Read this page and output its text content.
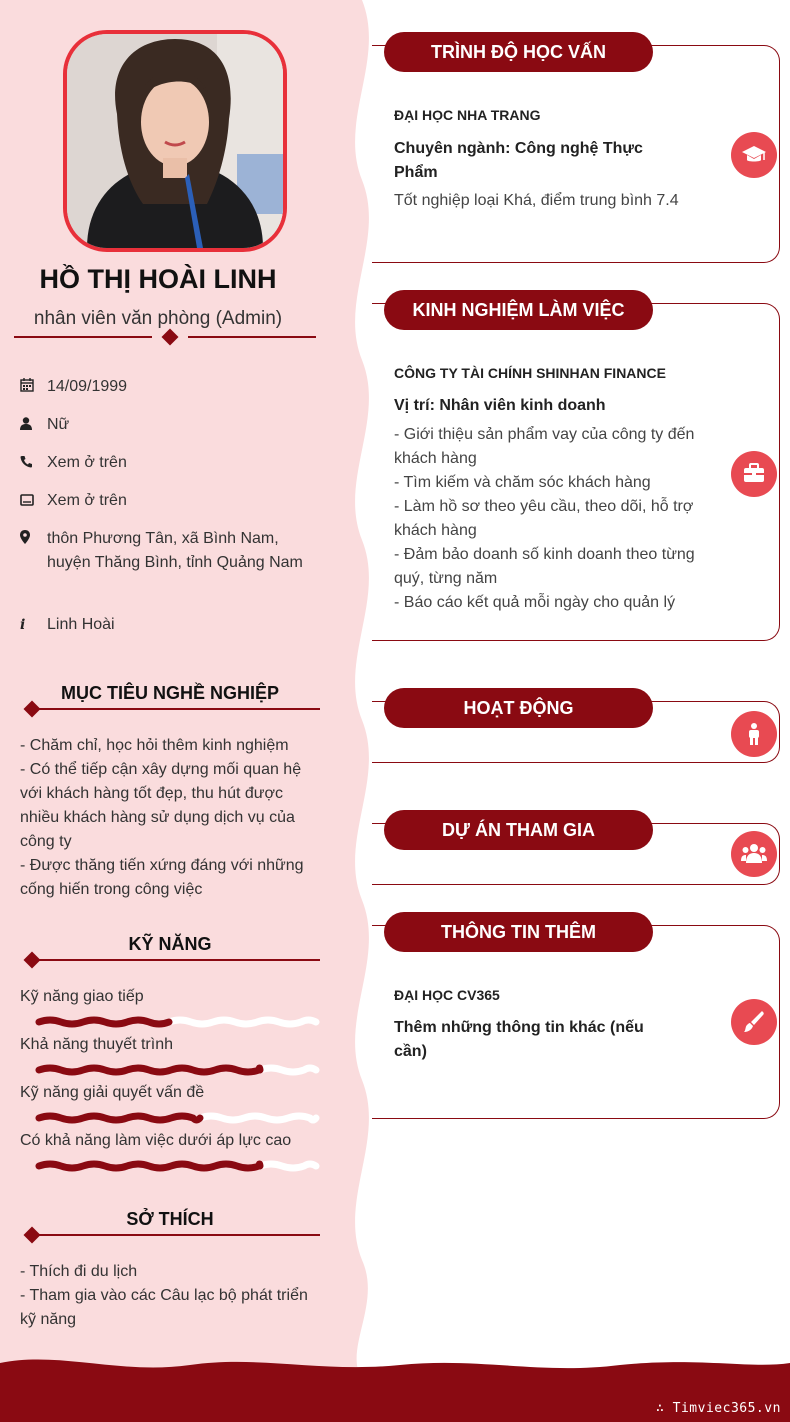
HỒ THỊ HOÀI LINH
nhân viên văn phòng (Admin)
14/09/1999
Nữ
Xem ở trên
Xem ở trên
thôn Phương Tân, xã Bình Nam, huyện Thăng Bình, tỉnh Quảng Nam
i	Linh Hoài
MỤC TIÊU NGHỀ NGHIỆP
- Chăm chỉ, học hỏi thêm kinh nghiệm
- Có thể tiếp cận xây dựng mối quan hệ với khách hàng tốt đẹp, thu hút được nhiều khách hàng sử dụng dịch vụ của công ty
- Được thăng tiến xứng đáng với những cống hiến trong công việc
KỸ NĂNG
Kỹ năng giao tiếp
Khả năng thuyết trình
Kỹ năng giải quyết vấn đề
Có khả năng làm việc dưới áp lực cao
SỞ THÍCH
- Thích đi du lịch
- Tham gia vào các Câu lạc bộ phát triển kỹ năng
TRÌNH ĐỘ HỌC VẤN
ĐẠI HỌC NHA TRANG
Chuyên ngành: Công nghệ Thực Phẩm
Tốt nghiệp loại Khá, điểm trung bình 7.4
KINH NGHIỆM LÀM VIỆC
CÔNG TY TÀI CHÍNH SHINHAN FINANCE
Vị trí: Nhân viên kinh doanh
- Giới thiệu sản phẩm vay của công ty đến khách hàng
- Tìm kiếm và chăm sóc khách hàng
- Làm hồ sơ theo yêu cầu, theo dõi, hỗ trợ khách hàng
- Đảm bảo doanh số kinh doanh theo từng quý, từng năm
- Báo cáo kết quả mỗi ngày cho quản lý
HOẠT ĐỘNG
DỰ ÁN THAM GIA
THÔNG TIN THÊM
ĐẠI HỌC CV365
Thêm những thông tin khác (nếu cần)
∴ Timviec365.vn
